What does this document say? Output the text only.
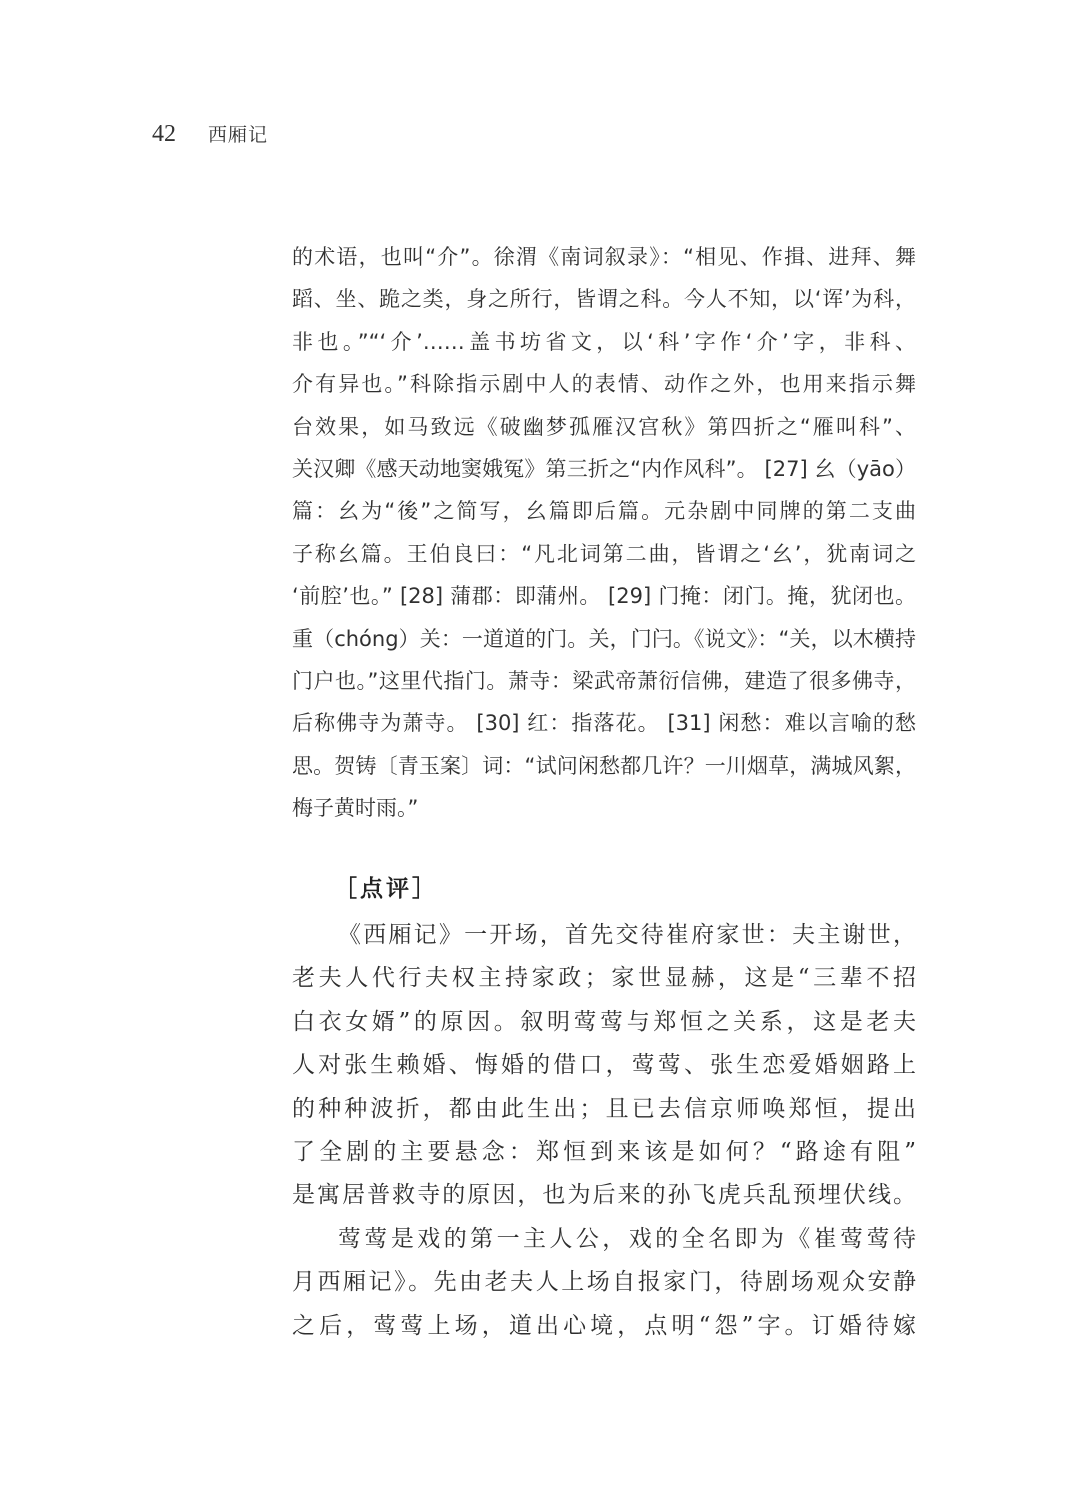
42 西厢记
的术语，也叫“介”。徐渭《南词叙录》：“相见、作揖、进拜、舞
蹈、坐、跪之类，身之所行，皆谓之科。今人不知，以‘诨’为科，
非也。”“‘介’……盖书坊省文，以‘科’字作‘介’字，非科、
介有异也。”科除指示剧中人的表情、动作之外，也用来指示舞
台效果，如马致远《破幽梦孤雁汉宫秋》第四折之“雁叫科”、
关汉卿《感天动地窦娥冤》第三折之“内作风科”。 [27] 幺（yāo）
篇：幺为“後”之简写，幺篇即后篇。元杂剧中同牌的第二支曲
子称幺篇。王伯良曰：“凡北词第二曲，皆谓之‘幺’，犹南词之
‘前腔’也。” [28] 蒲郡：即蒲州。 [29] 门掩：闭门。掩，犹闭也。
重（chóng）关：一道道的门。关，门闩。《说文》：“关，以木横持
门户也。”这里代指门。萧寺：梁武帝萧衍信佛，建造了很多佛寺，
后称佛寺为萧寺。 [30] 红：指落花。 [31] 闲愁：难以言喻的愁
思。贺铸〔青玉案〕词：“试问闲愁都几许？一川烟草，满城风絮，
梅子黄时雨。”
［点评］
《西厢记》一开场，首先交待崔府家世：夫主谢世，
老夫人代行夫权主持家政；家世显赫，这是“三辈不招
白衣女婿”的原因。叙明莺莺与郑恒之关系，这是老夫
人对张生赖婚、悔婚的借口，莺莺、张生恋爱婚姻路上
的种种波折，都由此生出；且已去信京师唤郑恒，提出
了全剧的主要悬念：郑恒到来该是如何？“路途有阻”
是寓居普救寺的原因，也为后来的孙飞虎兵乱预埋伏线。
莺莺是戏的第一主人公，戏的全名即为《崔莺莺待
月西厢记》。先由老夫人上场自报家门，待剧场观众安静
之后，莺莺上场，道出心境，点明“怨”字。订婚待嫁
